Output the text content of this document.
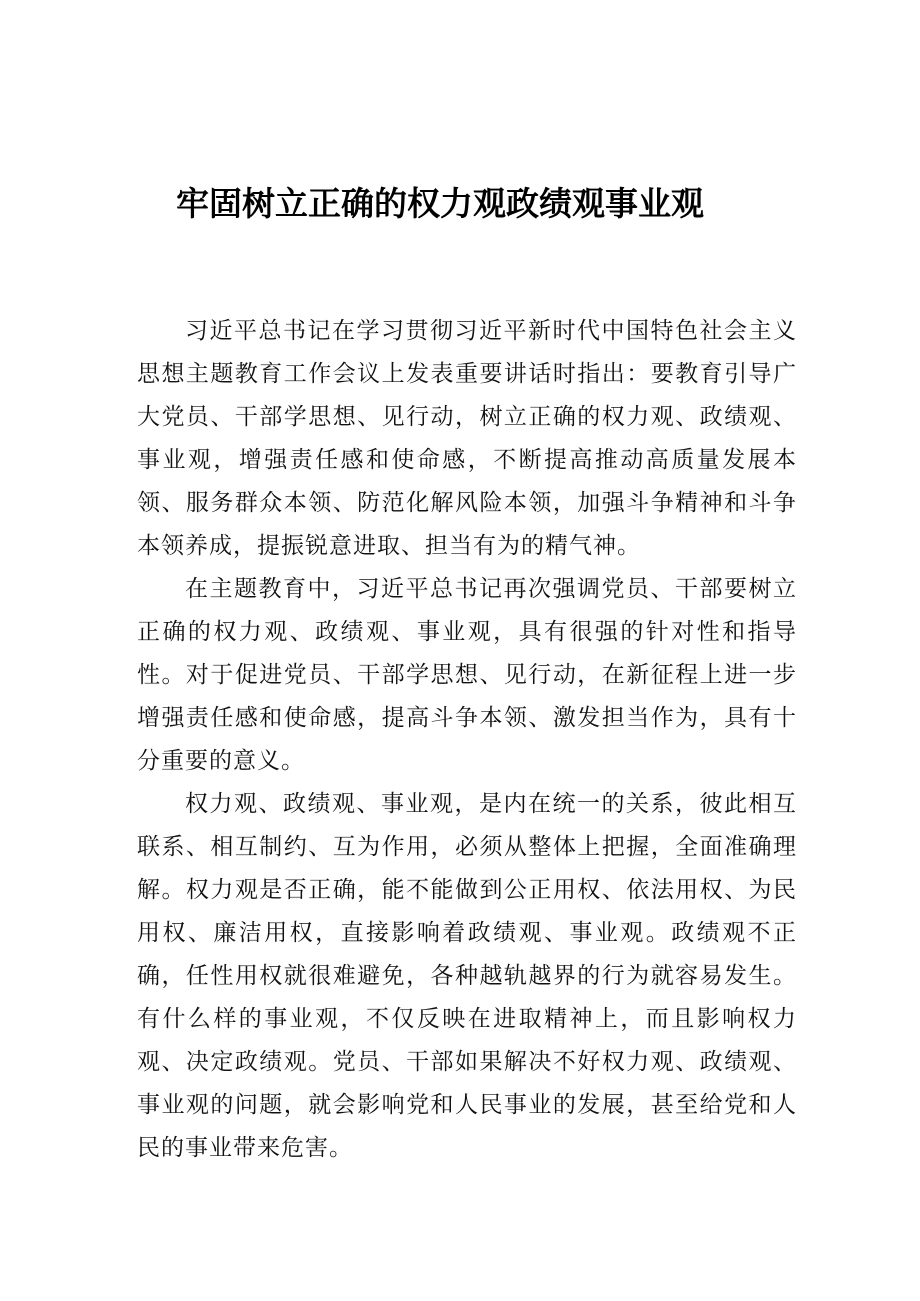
牢固树立正确的权力观政绩观事业观

习近平总书记在学习贯彻习近平新时代中国特色社会主义思想主题教育工作会议上发表重要讲话时指出：要教育引导广大党员、干部学思想、见行动，树立正确的权力观、政绩观、事业观，增强责任感和使命感，不断提高推动高质量发展本领、服务群众本领、防范化解风险本领，加强斗争精神和斗争本领养成，提振锐意进取、担当有为的精气神。

在主题教育中，习近平总书记再次强调党员、干部要树立正确的权力观、政绩观、事业观，具有很强的针对性和指导性。对于促进党员、干部学思想、见行动，在新征程上进一步增强责任感和使命感，提高斗争本领、激发担当作为，具有十分重要的意义。

权力观、政绩观、事业观，是内在统一的关系，彼此相互联系、相互制约、互为作用，必须从整体上把握，全面准确理解。权力观是否正确，能不能做到公正用权、依法用权、为民用权、廉洁用权，直接影响着政绩观、事业观。政绩观不正确，任性用权就很难避免，各种越轨越界的行为就容易发生。有什么样的事业观，不仅反映在进取精神上，而且影响权力观、决定政绩观。党员、干部如果解决不好权力观、政绩观、事业观的问题，就会影响党和人民事业的发展，甚至给党和人民的事业带来危害。
